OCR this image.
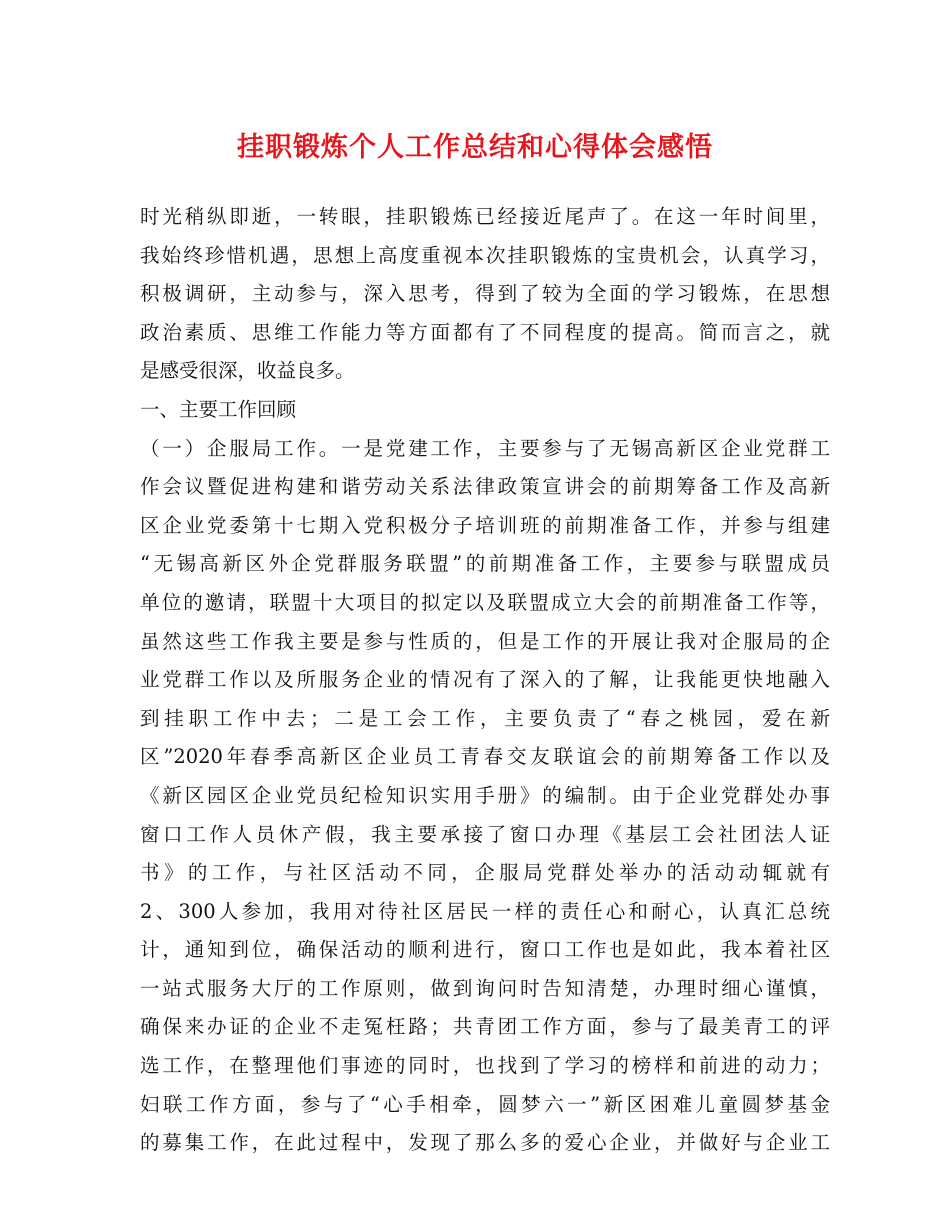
挂职锻炼个人工作总结和心得体会感悟
时光稍纵即逝，一转眼，挂职锻炼已经接近尾声了。在这一年时间里，
我始终珍惜机遇，思想上高度重视本次挂职锻炼的宝贵机会，认真学习，
积极调研，主动参与，深入思考，得到了较为全面的学习锻炼，在思想
政治素质、思维工作能力等方面都有了不同程度的提高。简而言之，就
是感受很深，收益良多。
一、主要工作回顾
（一）企服局工作。一是党建工作，主要参与了无锡高新区企业党群工
作会议暨促进构建和谐劳动关系法律政策宣讲会的前期筹备工作及高新
区企业党委第十七期入党积极分子培训班的前期准备工作，并参与组建
“无锡高新区外企党群服务联盟”的前期准备工作，主要参与联盟成员
单位的邀请，联盟十大项目的拟定以及联盟成立大会的前期准备工作等，
虽然这些工作我主要是参与性质的，但是工作的开展让我对企服局的企
业党群工作以及所服务企业的情况有了深入的了解，让我能更快地融入
到挂职工作中去；二是工会工作，主要负责了“春之桃园，爱在新
区”2020年春季高新区企业员工青春交友联谊会的前期筹备工作以及
《新区园区企业党员纪检知识实用手册》的编制。由于企业党群处办事
窗口工作人员休产假，我主要承接了窗口办理《基层工会社团法人证
书》的工作，与社区活动不同，企服局党群处举办的活动动辄就有
2、300人参加，我用对待社区居民一样的责任心和耐心，认真汇总统
计，通知到位，确保活动的顺利进行，窗口工作也是如此，我本着社区
一站式服务大厅的工作原则，做到询问时告知清楚，办理时细心谨慎，
确保来办证的企业不走冤枉路；共青团工作方面，参与了最美青工的评
选工作，在整理他们事迹的同时，也找到了学习的榜样和前进的动力；
妇联工作方面，参与了“心手相牵，圆梦六一”新区困难儿童圆梦基金
的募集工作，在此过程中，发现了那么多的爱心企业，并做好与企业工
